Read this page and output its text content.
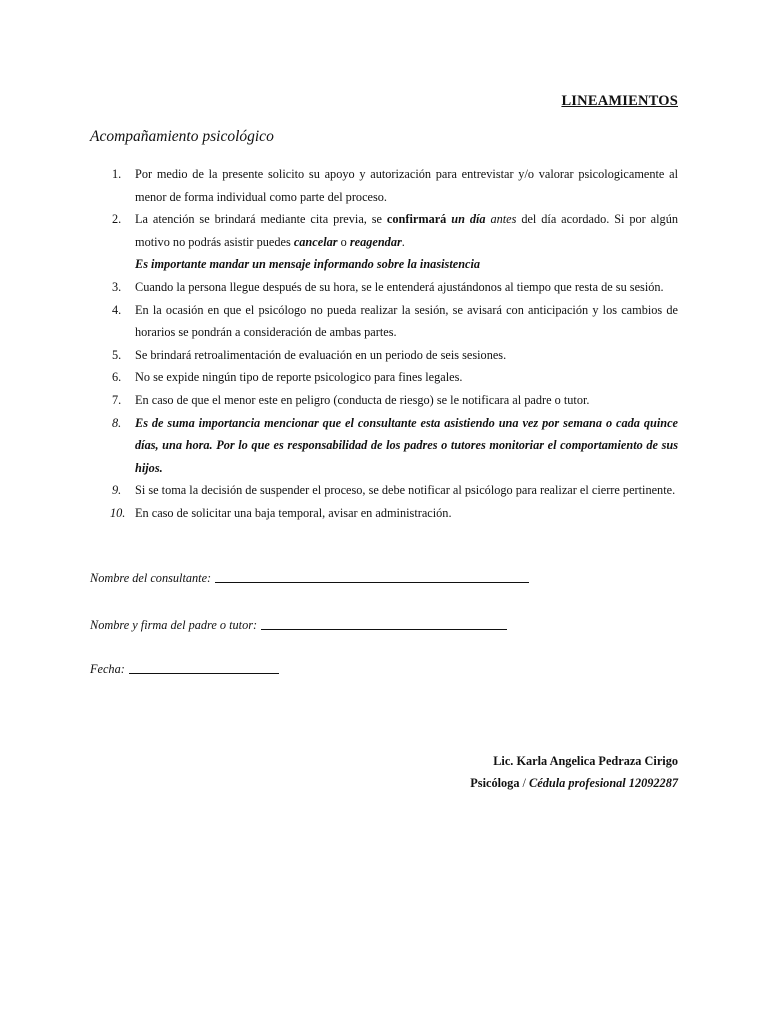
LINEAMIENTOS
Acompañamiento psicológico
1. Por medio de la presente solicito su apoyo y autorización para entrevistar y/o valorar psicologicamente al menor de forma individual como parte del proceso.
2. La atención se brindará mediante cita previa, se confirmará un día antes del día acordado. Si por algún motivo no podrás asistir puedes cancelar o reagendar.
Es importante mandar un mensaje informando sobre la inasistencia
3. Cuando la persona llegue después de su hora, se le entenderá ajustándonos al tiempo que resta de su sesión.
4. En la ocasión en que el psicólogo no pueda realizar la sesión, se avisará con anticipación y los cambios de horarios se pondrán a consideración de ambas partes.
5. Se brindará retroalimentación de evaluación en un periodo de seis sesiones.
6. No se expide ningún tipo de reporte psicologico para fines legales.
7. En caso de que el menor este en peligro (conducta de riesgo) se le notificara al padre o tutor.
8. Es de suma importancia mencionar que el consultante esta asistiendo una vez por semana o cada quince días, una hora. Por lo que es responsabilidad de los padres o tutores monitoriar el comportamiento de sus hijos.
9. Si se toma la decisión de suspender el proceso, se debe notificar al psicólogo para realizar el cierre pertinente.
10. En caso de solicitar una baja temporal, avisar en administración.
Nombre del consultante:
Nombre y firma del padre o tutor:
Fecha:
Lic. Karla Angelica Pedraza Cirigo
Psicóloga / Cédula profesional 12092287
